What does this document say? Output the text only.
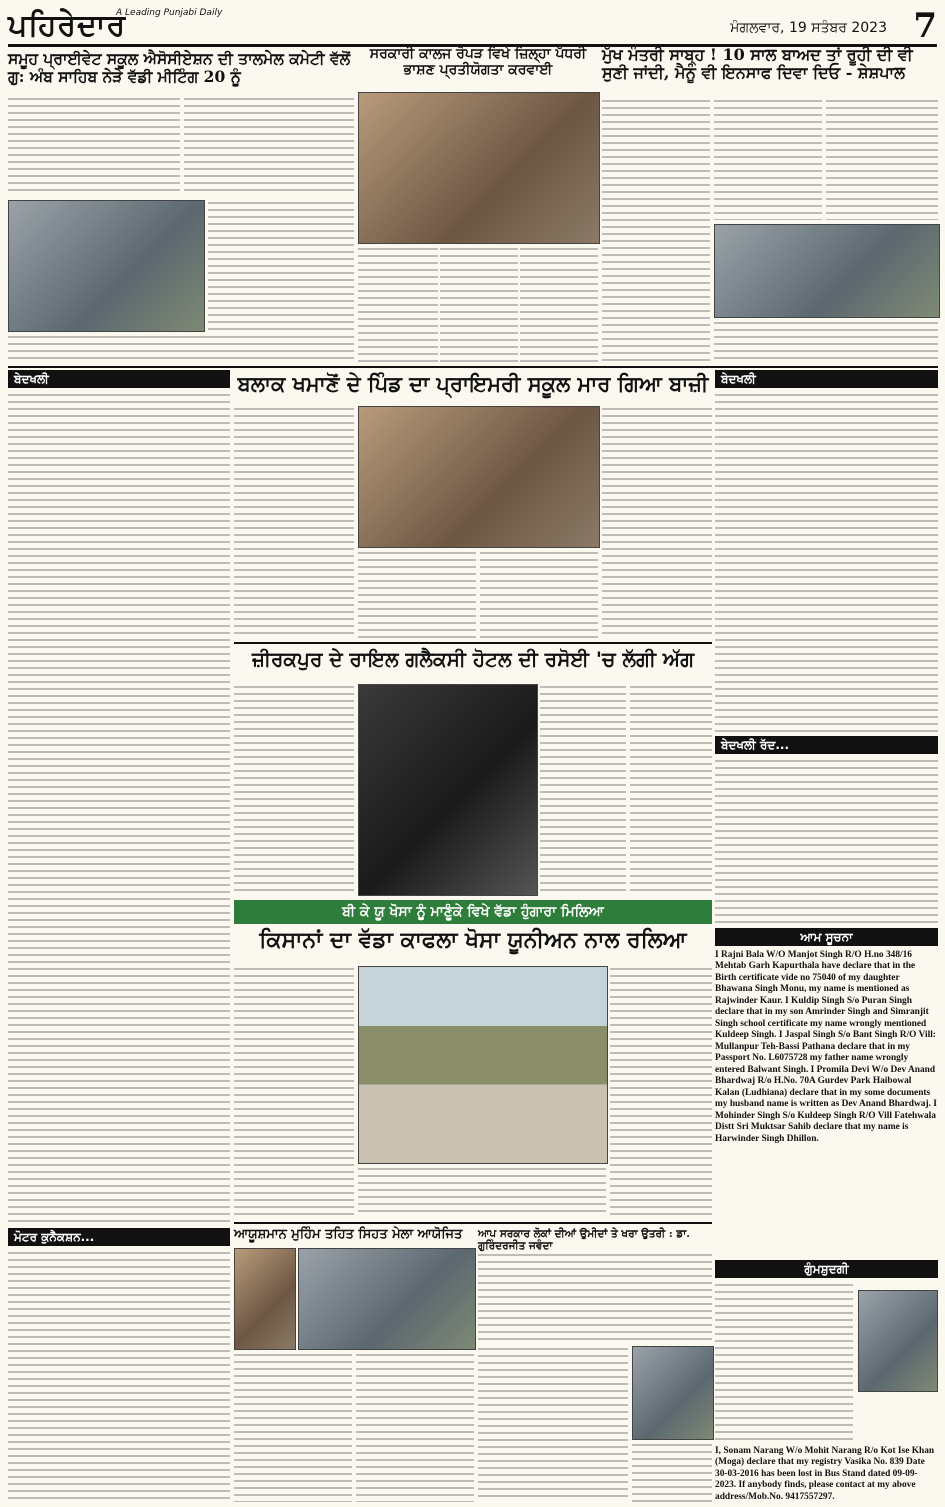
ਪਹਿਰੇਦਾਰ
A Leading Punjabi Daily
ਮੰਗਲਵਾਰ, 19 ਸਤੰਬਰ 2023 7
ਸਮੂਹ ਪ੍ਰਾਈਵੇਟ ਸਕੂਲ ਐਸੋਸੀਏਸ਼ਨ ਦੀ ਤਾਲਮੇਲ ਕਮੇਟੀ ਵੱਲੋਂ ਗੁ: ਅੰਬ ਸਾਹਿਬ ਨੇੜੇ ਵੱਡੀ ਮੀਟਿੰਗ 20 ਨੂੰ
ਸਰਕਾਰੀ ਕਾਲਜ ਰੋਪੜ ਵਿਖੇ ਜ਼ਿਲ੍ਹਾ ਪੱਧਰੀ ਭਾਸ਼ਣ ਪ੍ਰਤੀਯੋਗਤਾ ਕਰਵਾਈ
ਮੁੱਖ ਮੰਤਰੀ ਸਾਬ੍ਹ ! 10 ਸਾਲ ਬਾਅਦ ਤਾਂ ਰੂਹੀ ਦੀ ਵੀ ਸੁਣੀ ਜਾਂਦੀ, ਮੈਨੂੰ ਵੀ ਇਨਸਾਫ ਦਿਵਾ ਦਿਓ - ਸ਼ੇਸ਼ਪਾਲ
ਬੇਦਖਲੀ
ਮੋਟਰ ਕੁਨੈਕਸ਼ਨ...
ਬੇਦਖਲੀ
ਬੇਦਖਲੀ ਰੱਦ...
ਆਮ ਸੂਚਨਾ
I Rajni Bala W/O Manjot Singh R/O H.no 348/16 Mehtab Garh Kapurthala have declare that in the Birth certificate vide no 75040 of my daughter Bhawana Singh Monu, my name is mentioned as Rajwinder Kaur. I Kuldip Singh S/o Puran Singh declare that in my son Amrinder Singh and Simranjit Singh school certificate my name wrongly mentioned Kuldeep Singh. I Jaspal Singh S/o Bant Singh R/O Vill: Mullanpur Teh-Bassi Pathana declare that in my Passport No. L6075728 my father name wrongly entered Balwant Singh. I Promila Devi W/o Dev Anand Bhardwaj R/o H.No. 70A Gurdev Park Haibowal Kalan (Ludhiana) declare that in my some documents my husband name is written as Dev Anand Bhardwaj. I Mohinder Singh S/o Kuldeep Singh R/O Vill Fatehwala Distt Sri Muktsar Sahib declare that my name is Harwinder Singh Dhillon.
ਗੁੰਮਸ਼ੁਦਗੀ
I, Sonam Narang W/o Mohit Narang R/o Kot Ise Khan (Moga) declare that my registry Vasika No. 839 Date 30-03-2016 has been lost in Bus Stand dated 09-09-2023. If anybody finds, please contact at my above address/Mob.No. 9417557297.
ਬਲਾਕ ਖਮਾਣੋਂ ਦੇ ਪਿੰਡ ਦਾ ਪ੍ਰਾਇਮਰੀ ਸਕੂਲ ਮਾਰ ਗਿਆ ਬਾਜ਼ੀ
ਜ਼ੀਰਕਪੁਰ ਦੇ ਰਾਇਲ ਗਲੈਕਸੀ ਹੋਟਲ ਦੀ ਰਸੋਈ 'ਚ ਲੱਗੀ ਅੱਗ
ਬੀ ਕੇ ਯੂ ਖੋਸਾ ਨੂੰ ਮਾਣੂੰਕੇ ਵਿਖੇ ਵੱਡਾ ਹੁੰਗਾਰਾ ਮਿਲਿਆ
ਕਿਸਾਨਾਂ ਦਾ ਵੱਡਾ ਕਾਫਲਾ ਖੋਸਾ ਯੂਨੀਅਨ ਨਾਲ ਰਲਿਆ
ਆਯੂਸ਼ਮਾਨ ਮੁਹਿੰਮ ਤਹਿਤ ਸਿਹਤ ਮੇਲਾ ਆਯੋਜਿਤ	ਆਪ ਸਰਕਾਰ ਲੋਕਾਂ ਦੀਆਂ ਉਮੀਦਾਂ ਤੇ ਖਰਾ ਉਤਰੀ : ਡਾ. ਗੁਰਿੰਦਰਜੀਤ ਜਵੰਦਾ
